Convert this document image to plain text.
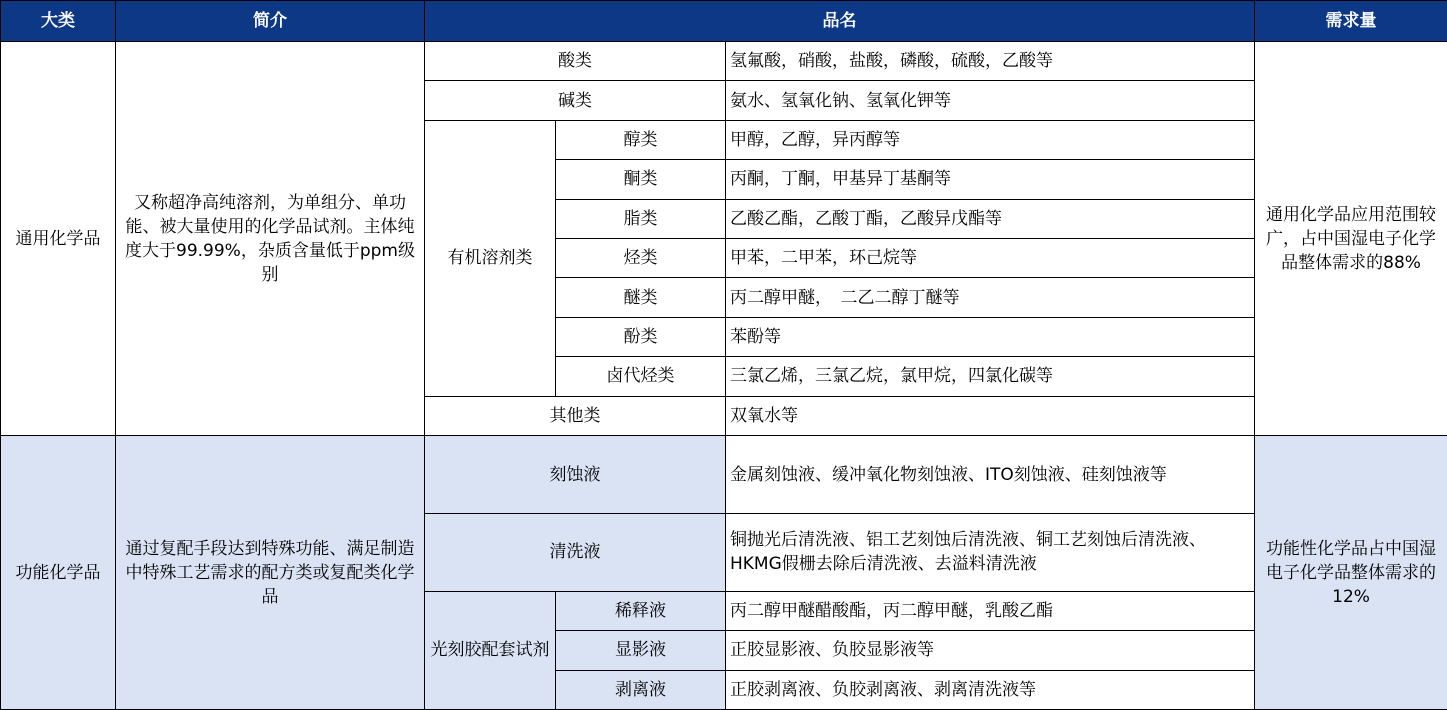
大类	简介	品名			需求量
通用化学品	又称超净高纯溶剂，为单组分、单功能、被大量使用的化学品试剂。主体纯度大于99.99%，杂质含量低于ppm级别	酸类		氢氟酸，硝酸，盐酸，磷酸，硫酸，乙酸等	通用化学品应用范围较广，占中国湿电子化学品整体需求的88%
		碱类		氨水、氢氧化钠、氢氧化钾等	
		有机溶剂类	醇类	甲醇，乙醇，异丙醇等	
			酮类	丙酮，丁酮，甲基异丁基酮等	
			脂类	乙酸乙酯，乙酸丁酯，乙酸异戊酯等	
			烃类	甲苯，二甲苯，环己烷等	
			醚类	丙二醇甲醚，　二乙二醇丁醚等	
			酚类	苯酚等	
			卤代烃类	三氯乙烯，三氯乙烷，氯甲烷，四氯化碳等	
		其他类		双氧水等	
功能化学品	通过复配手段达到特殊功能、满足制造中特殊工艺需求的配方类或复配类化学品	刻蚀液		金属刻蚀液、缓冲氧化物刻蚀液、ITO刻蚀液、硅刻蚀液等	功能性化学品占中国湿电子化学品整体需求的12%
		清洗液		铜抛光后清洗液、铝工艺刻蚀后清洗液、铜工艺刻蚀后清洗液、HKMG假栅去除后清洗液、去溢料清洗液	
		光刻胶配套试剂	稀释液	丙二醇甲醚醋酸酯，丙二醇甲醚，乳酸乙酯	
			显影液	正胶显影液、负胶显影液等	
			剥离液	正胶剥离液、负胶剥离液、剥离清洗液等	
